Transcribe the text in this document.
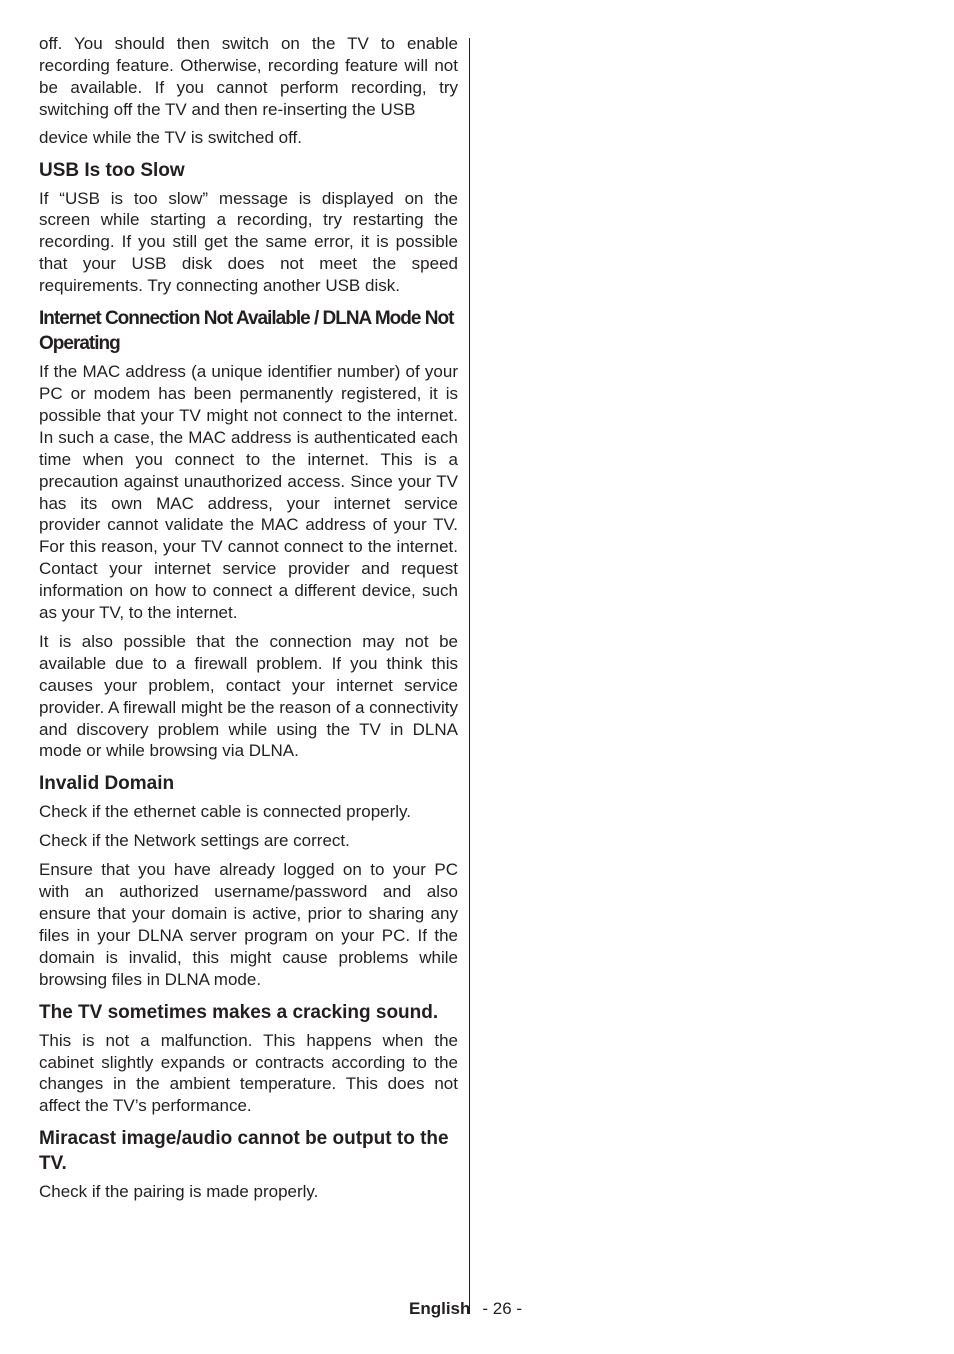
off. You should then switch on the TV to enable recording feature. Otherwise, recording feature will not be available. If you cannot perform recording, try switching off the TV and then re-inserting the USB

device while the TV is switched off.

USB Is too Slow

If “USB is too slow” message is displayed on the screen while starting a recording, try restarting the recording. If you still get the same error, it is possible that your USB disk does not meet the speed requirements. Try connecting another USB disk.

Internet Connection Not Available / DLNA Mode Not Operating

If the MAC address (a unique identifier number) of your PC or modem has been permanently registered, it is possible that your TV might not connect to the internet. In such a case, the MAC address is authenticated each time when you connect to the internet. This is a precaution against unauthorized access. Since your TV has its own MAC address, your internet service provider cannot validate the MAC address of your TV. For this reason, your TV cannot connect to the internet. Contact your internet service provider and request information on how to connect a different device, such as your TV, to the internet.

It is also possible that the connection may not be available due to a firewall problem. If you think this causes your problem, contact your internet service provider. A firewall might be the reason of a connectivity and discovery problem while using the TV in DLNA mode or while browsing via DLNA.

Invalid Domain

Check if the ethernet cable is connected properly.

Check if the Network settings are correct.

Ensure that you have already logged on to your PC with an authorized username/password and also ensure that your domain is active, prior to sharing any files in your DLNA server program on your PC. If the domain is invalid, this might cause problems while browsing files in DLNA mode.

The TV sometimes makes a cracking sound.

This is not a malfunction. This happens when the cabinet slightly expands or contracts according to the changes in the ambient temperature. This does not affect the TV’s performance.

Miracast image/audio cannot be output to the TV.

Check if the pairing is made properly.

English - 26 -
